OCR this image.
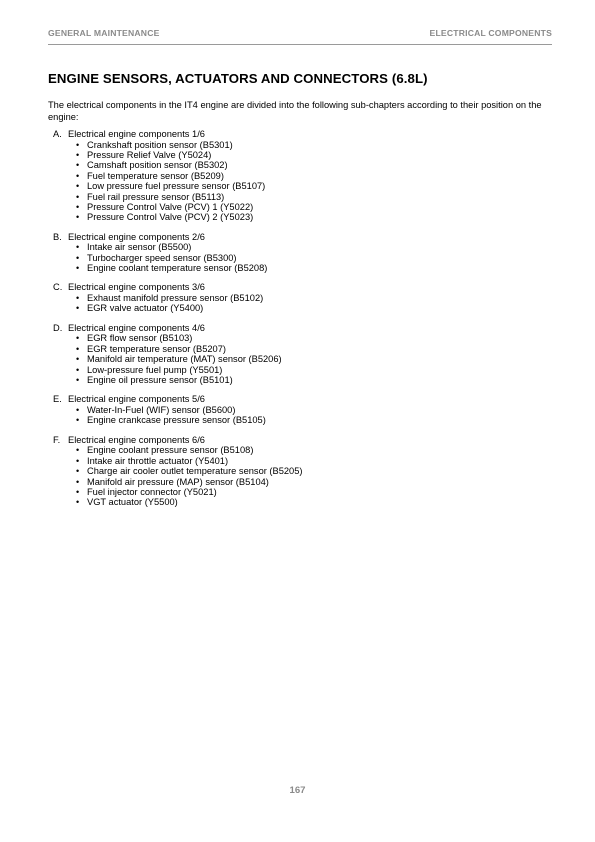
GENERAL MAINTENANCE	ELECTRICAL COMPONENTS
ENGINE SENSORS, ACTUATORS AND CONNECTORS (6.8L)

The electrical components in the IT4 engine are divided into the following sub-chapters according to their position on the engine:

A. Electrical engine components 1/6
• Crankshaft position sensor (B5301)
• Pressure Relief Valve (Y5024)
• Camshaft position sensor (B5302)
• Fuel temperature sensor (B5209)
• Low pressure fuel pressure sensor (B5107)
• Fuel rail pressure sensor (B5113)
• Pressure Control Valve (PCV) 1 (Y5022)
• Pressure Control Valve (PCV) 2 (Y5023)
B. Electrical engine components 2/6
• Intake air sensor (B5500)
• Turbocharger speed sensor (B5300)
• Engine coolant temperature sensor (B5208)
C. Electrical engine components 3/6
• Exhaust manifold pressure sensor (B5102)
• EGR valve actuator (Y5400)
D. Electrical engine components 4/6
• EGR flow sensor (B5103)
• EGR temperature sensor (B5207)
• Manifold air temperature (MAT) sensor (B5206)
• Low-pressure fuel pump (Y5501)
• Engine oil pressure sensor (B5101)
E. Electrical engine components 5/6
• Water-In-Fuel (WIF) sensor (B5600)
• Engine crankcase pressure sensor (B5105)
F. Electrical engine components 6/6
• Engine coolant pressure sensor (B5108)
• Intake air throttle actuator (Y5401)
• Charge air cooler outlet temperature sensor (B5205)
• Manifold air pressure (MAP) sensor (B5104)
• Fuel injector connector (Y5021)
• VGT actuator (Y5500)
167
